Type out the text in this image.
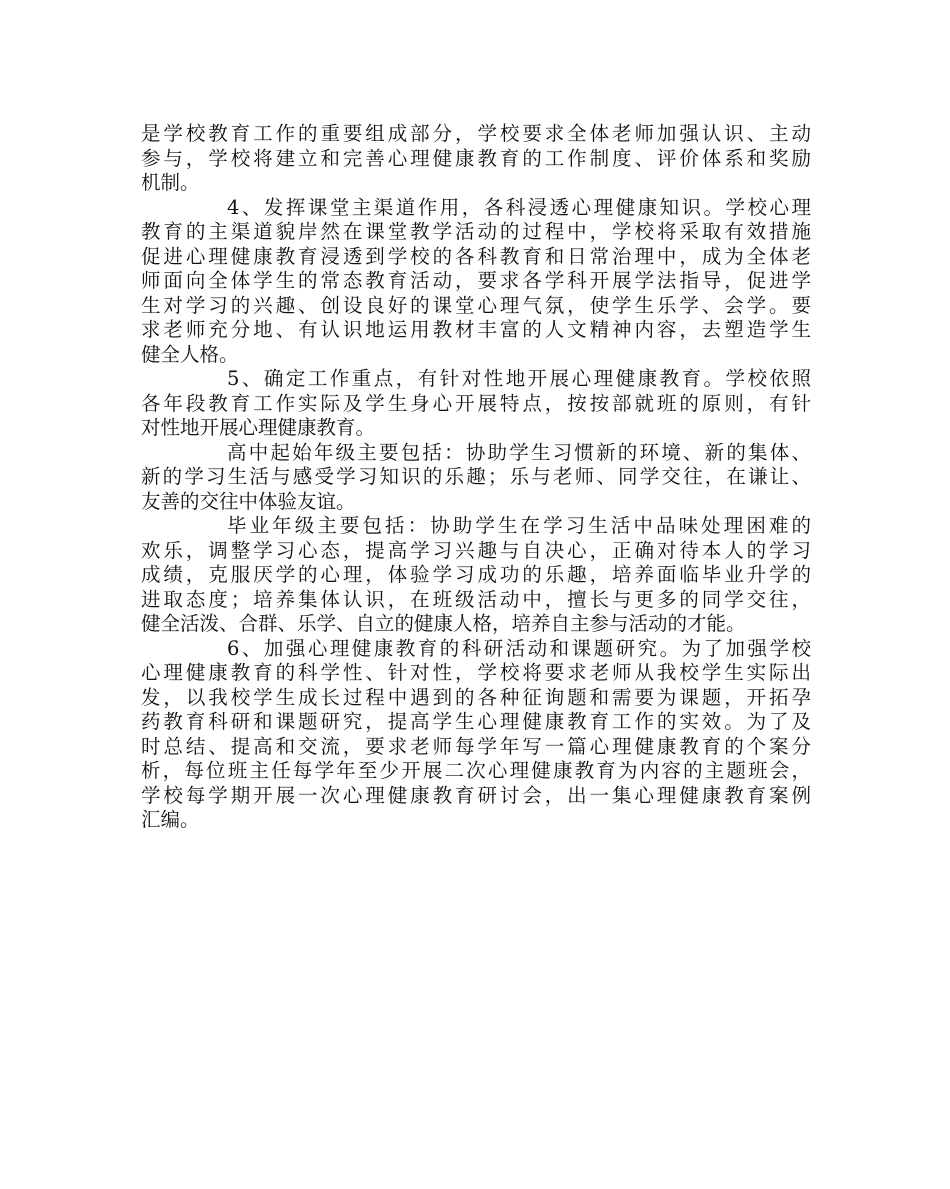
是学校教育工作的重要组成部分，学校要求全体老师加强认识、主动
参与，学校将建立和完善心理健康教育的工作制度、评价体系和奖励
机制。
4、发挥课堂主渠道作用，各科浸透心理健康知识。学校心理
教育的主渠道貌岸然在课堂教学活动的过程中，学校将采取有效措施
促进心理健康教育浸透到学校的各科教育和日常治理中，成为全体老
师面向全体学生的常态教育活动，要求各学科开展学法指导，促进学
生对学习的兴趣、创设良好的课堂心理气氛，使学生乐学、会学。要
求老师充分地、有认识地运用教材丰富的人文精神内容，去塑造学生
健全人格。
5、确定工作重点，有针对性地开展心理健康教育。学校依照
各年段教育工作实际及学生身心开展特点，按按部就班的原则，有针
对性地开展心理健康教育。
高中起始年级主要包括：协助学生习惯新的环境、新的集体、
新的学习生活与感受学习知识的乐趣；乐与老师、同学交往，在谦让、
友善的交往中体验友谊。
毕业年级主要包括：协助学生在学习生活中品味处理困难的
欢乐，调整学习心态，提高学习兴趣与自决心，正确对待本人的学习
成绩，克服厌学的心理，体验学习成功的乐趣，培养面临毕业升学的
进取态度；培养集体认识，在班级活动中，擅长与更多的同学交往，
健全活泼、合群、乐学、自立的健康人格，培养自主参与活动的才能。
6、加强心理健康教育的科研活动和课题研究。为了加强学校
心理健康教育的科学性、针对性，学校将要求老师从我校学生实际出
发，以我校学生成长过程中遇到的各种征询题和需要为课题，开拓孕
药教育科研和课题研究，提高学生心理健康教育工作的实效。为了及
时总结、提高和交流，要求老师每学年写一篇心理健康教育的个案分
析，每位班主任每学年至少开展二次心理健康教育为内容的主题班会，
学校每学期开展一次心理健康教育研讨会，出一集心理健康教育案例
汇编。
